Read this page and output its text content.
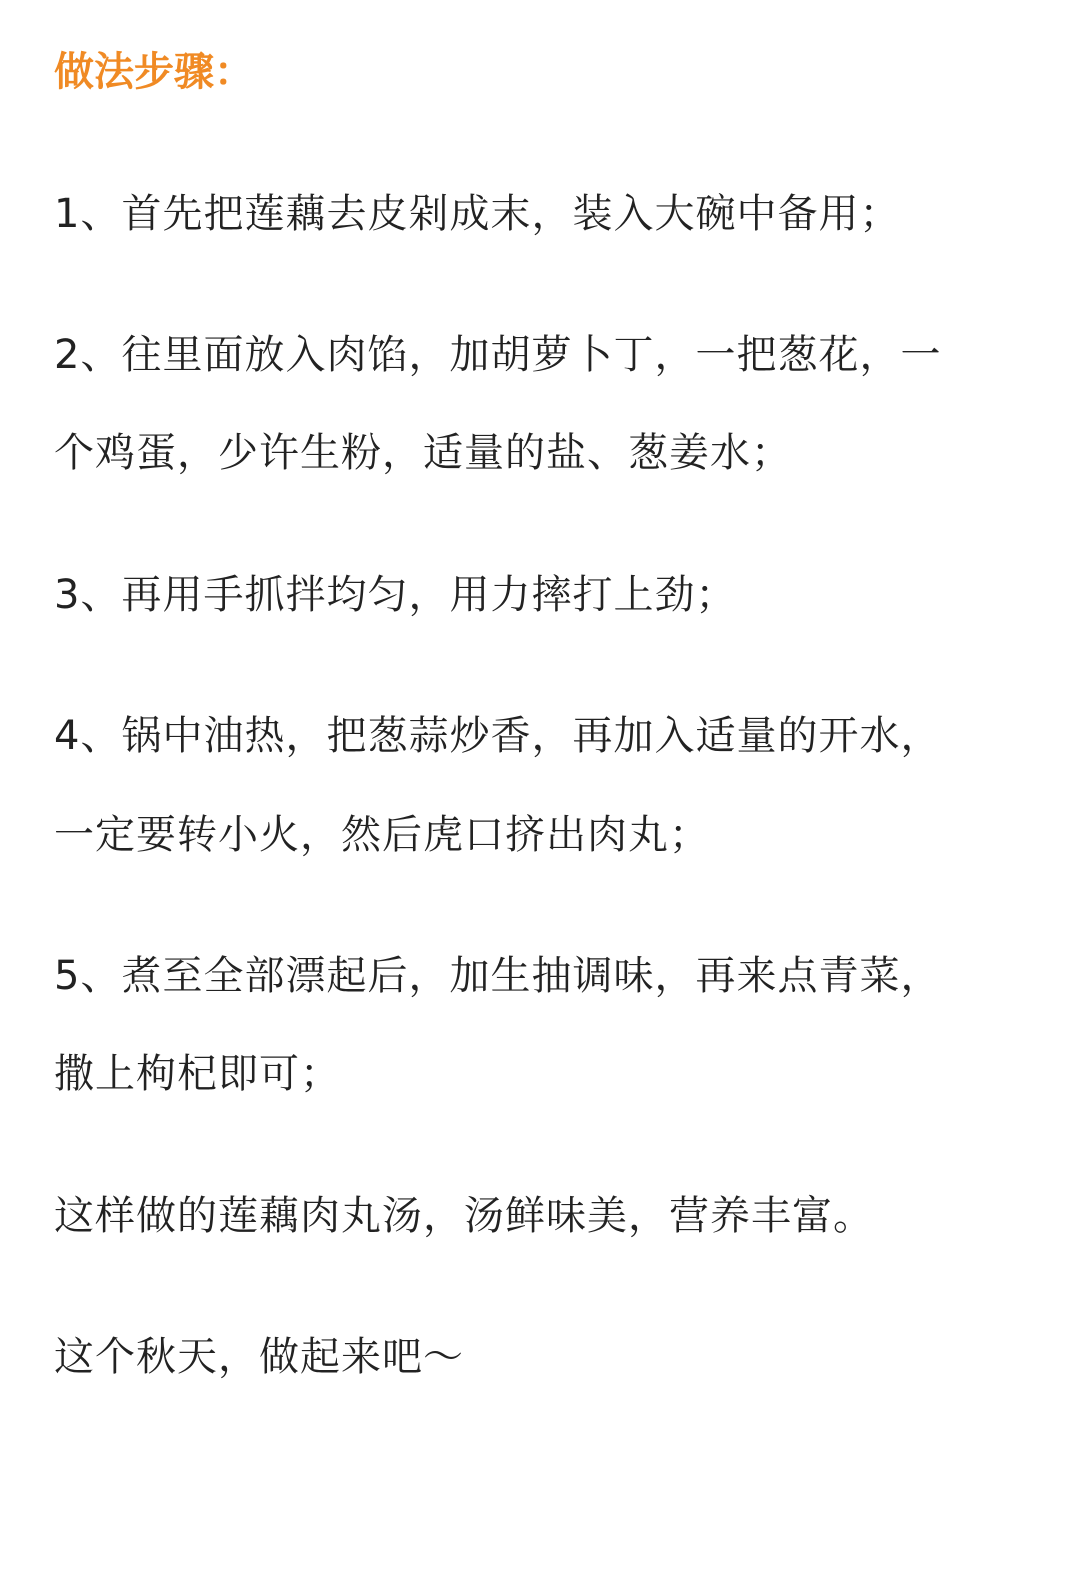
做法步骤：
1、首先把莲藕去皮剁成末，装入大碗中备用；
2、往里面放入肉馅，加胡萝卜丁，一把葱花，一
个鸡蛋，少许生粉，适量的盐、葱姜水；
3、再用手抓拌均匀，用力摔打上劲；
4、锅中油热，把葱蒜炒香，再加入适量的开水，
一定要转小火，然后虎口挤出肉丸；
5、煮至全部漂起后，加生抽调味，再来点青菜，
撒上枸杞即可；
这样做的莲藕肉丸汤，汤鲜味美，营养丰富。
这个秋天，做起来吧～
